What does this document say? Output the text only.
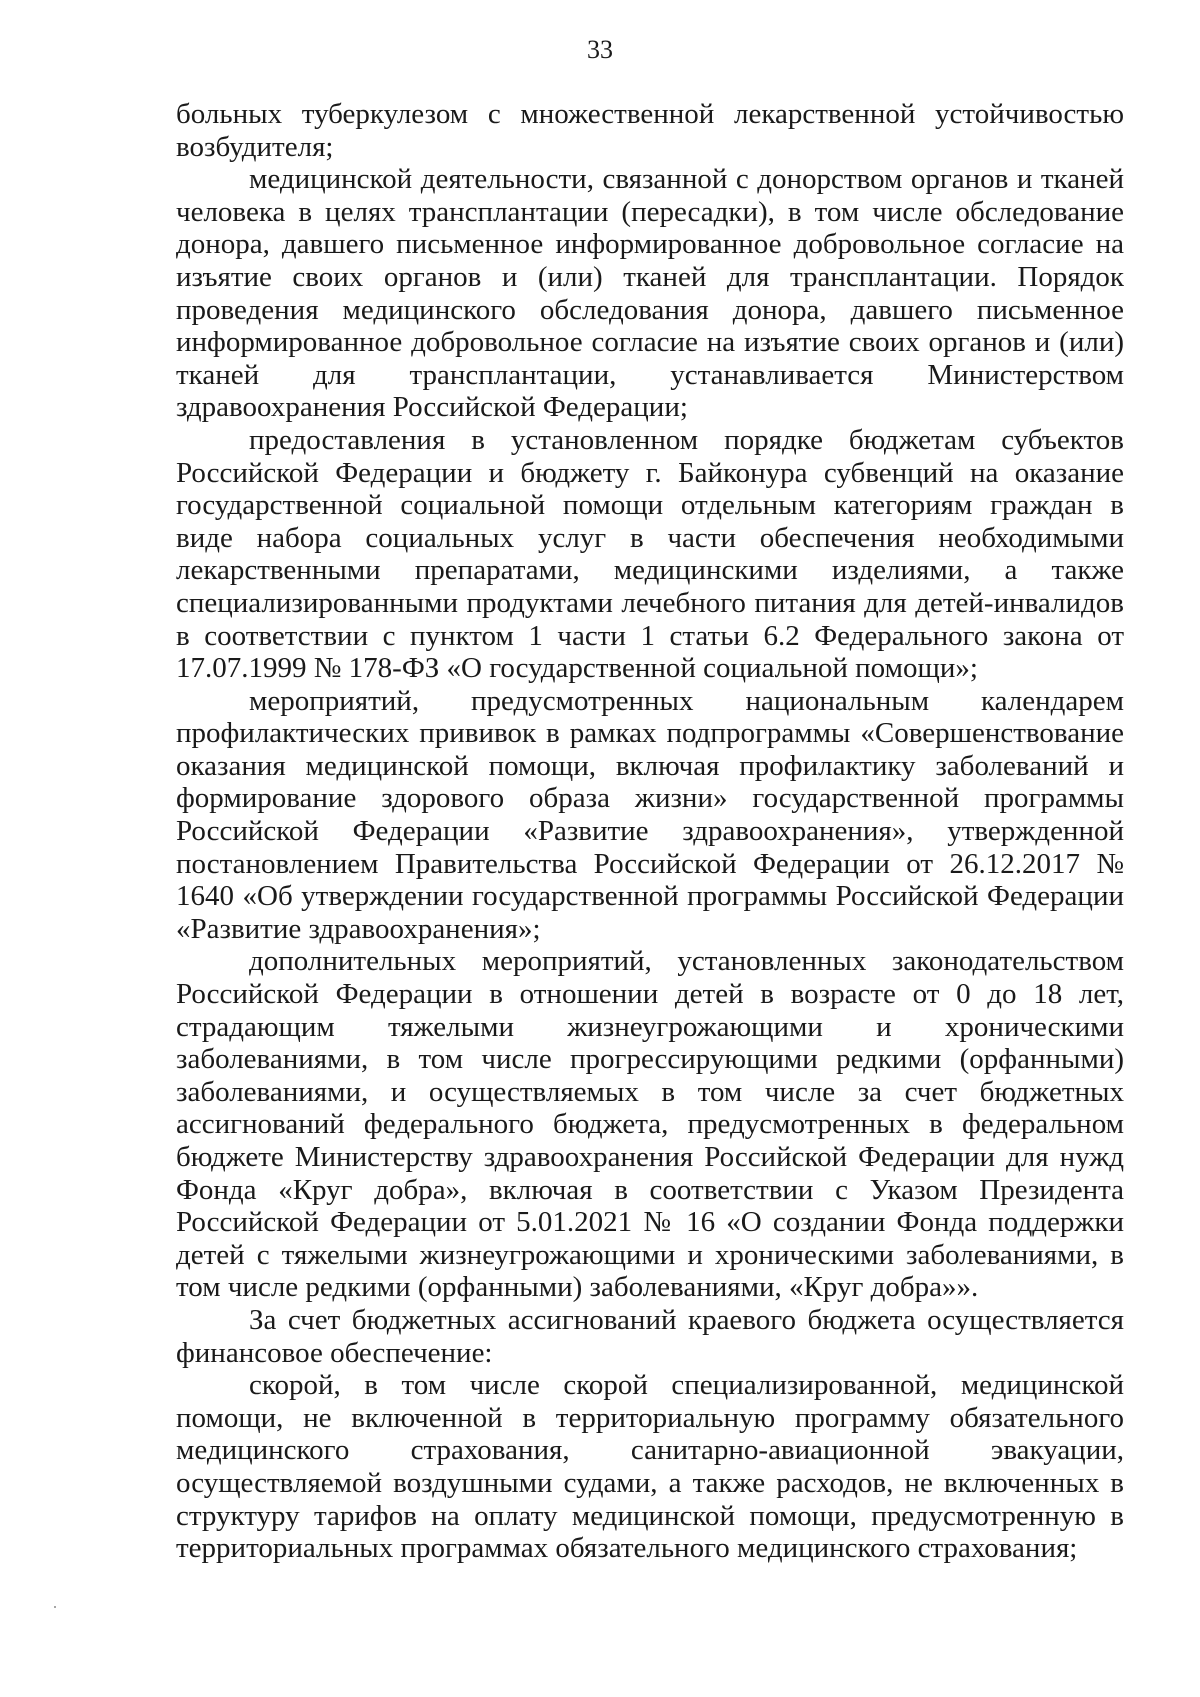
33

больных туберкулезом с множественной лекарственной устойчивостью возбудителя;

медицинской деятельности, связанной с донорством органов и тканей человека в целях трансплантации (пересадки), в том числе обследование донора, давшего письменное информированное добровольное согласие на изъятие своих органов и (или) тканей для трансплантации. Порядок проведения медицинского обследования донора, давшего письменное информированное добровольное согласие на изъятие своих органов и (или) тканей для трансплантации, устанавливается Министерством здравоохранения Российской Федерации;

предоставления в установленном порядке бюджетам субъектов Российской Федерации и бюджету г. Байконура субвенций на оказание государственной социальной помощи отдельным категориям граждан в виде набора социальных услуг в части обеспечения необходимыми лекарственными препаратами, медицинскими изделиями, а также специализированными продуктами лечебного питания для детей-инвалидов в соответствии с пунктом 1 части 1 статьи 6.2 Федерального закона от 17.07.1999 № 178-ФЗ «О государственной социальной помощи»;

мероприятий, предусмотренных национальным календарем профилактических прививок в рамках подпрограммы «Совершенствование оказания медицинской помощи, включая профилактику заболеваний и формирование здорового образа жизни» государственной программы Российской Федерации «Развитие здравоохранения», утвержденной постановлением Правительства Российской Федерации от 26.12.2017 № 1640 «Об утверждении государственной программы Российской Федерации «Развитие здравоохранения»;

дополнительных мероприятий, установленных законодательством Российской Федерации в отношении детей в возрасте от 0 до 18 лет, страдающим тяжелыми жизнеугрожающими и хроническими заболеваниями, в том числе прогрессирующими редкими (орфанными) заболеваниями, и осуществляемых в том числе за счет бюджетных ассигнований федерального бюджета, предусмотренных в федеральном бюджете Министерству здравоохранения Российской Федерации для нужд Фонда «Круг добра», включая в соответствии с Указом Президента Российской Федерации от 5.01.2021 № 16 «О создании Фонда поддержки детей с тяжелыми жизнеугрожающими и хроническими заболеваниями, в том числе редкими (орфанными) заболеваниями, «Круг добра»».

За счет бюджетных ассигнований краевого бюджета осуществляется финансовое обеспечение:

скорой, в том числе скорой специализированной, медицинской помощи, не включенной в территориальную программу обязательного медицинского страхования, санитарно-авиационной эвакуации, осуществляемой воздушными судами, а также расходов, не включенных в структуру тарифов на оплату медицинской помощи, предусмотренную в территориальных программах обязательного медицинского страхования;
